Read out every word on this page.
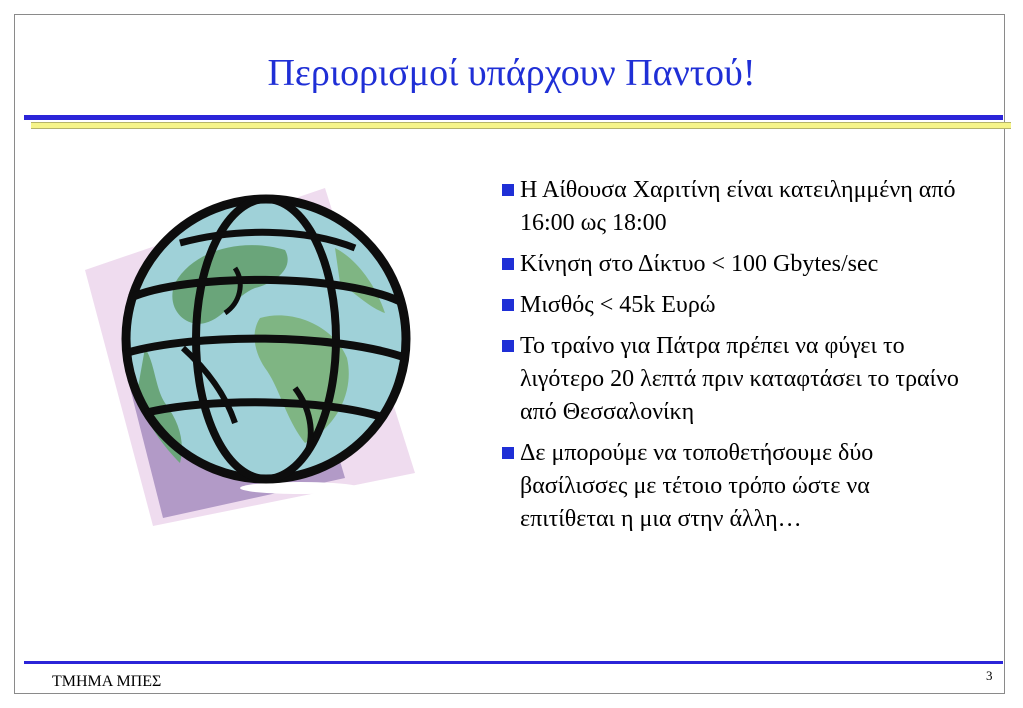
Περιορισμοί υπάρχουν Παντού!
Η Αίθουσα Χαριτίνη είναι κατειλημμένη από 16:00 ως 18:00
Κίνηση στο Δίκτυο < 100 Gbytes/sec
Μισθός < 45k Ευρώ
Το τραίνο για Πάτρα πρέπει να φύγει το λιγότερο 20 λεπτά πριν καταφτάσει το τραίνο από Θεσσαλονίκη
Δε μπορούμε να τοποθετήσουμε δύο βασίλισσες με τέτοιο τρόπο ώστε να επιτίθεται η μια στην άλλη…
ΤΜΗΜΑ ΜΠΕΣ	3
